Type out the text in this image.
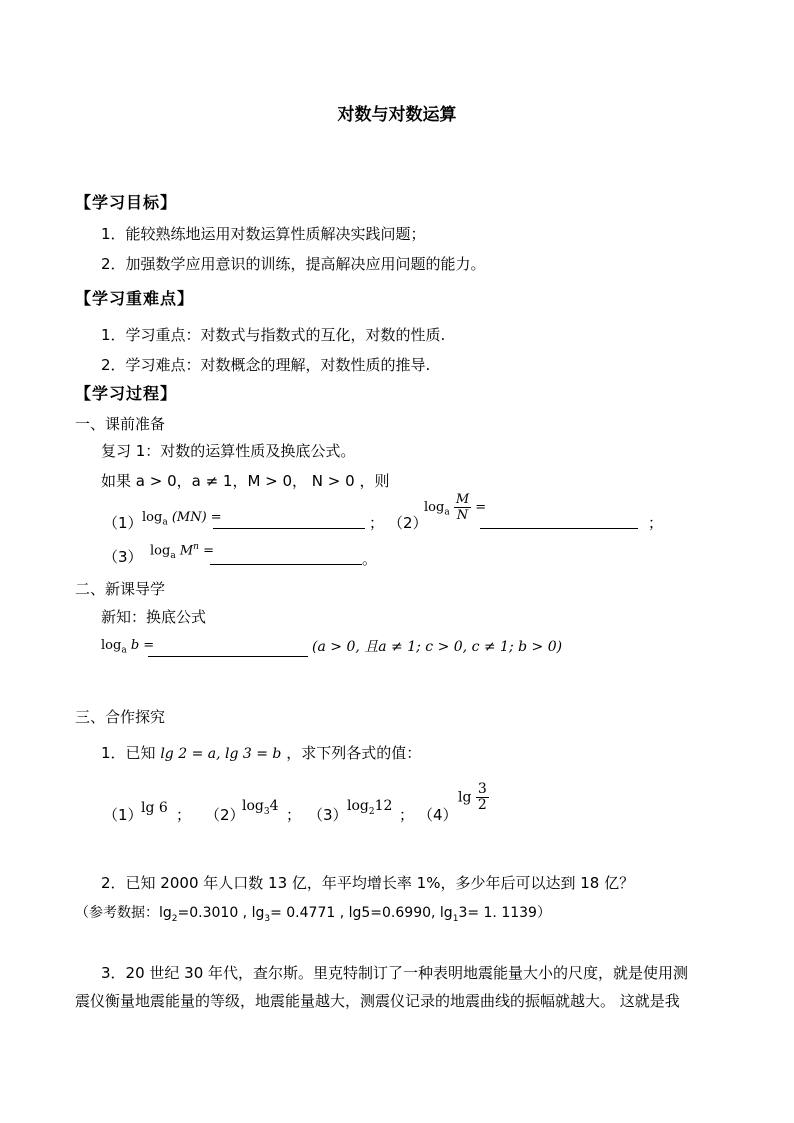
对数与对数运算
【学习目标】
1．能较熟练地运用对数运算性质解决实践问题；
2．加强数学应用意识的训练，提高解决应用问题的能力。
【学习重难点】
1．学习重点：对数式与指数式的互化，对数的性质.
2．学习难点：对数概念的理解，对数性质的推导.
【学习过程】
一、课前准备
复习 1：对数的运算性质及换底公式。
如果 a > 0，a ≠ 1，M > 0， N > 0 ，则
（1） $\log_a (MN)$ =	； （2）
$\log_a \frac{M}{N}$ =
；
（3） $\log_a M^n$ =	。
二、新课导学
新知：换底公式
$\log_a b$ =	(a > 0, 且a ≠ 1; c > 0, c ≠ 1; b > 0)
三、合作探究
1．已知 lg 2 = a, lg 3 = b ，求下列各式的值：
（1）
lg 6 ； （2）
$\log_34$ ； （3） $\log_212$ ； （4）
$\lg \frac{3}{2}$
2．已知 2000 年人口数 13 亿，年平均增长率 1%，多少年后可以达到 18 亿？
（参考数据：$\lg_2=0.3010$ , $\lg_3= 0.4771$ , lg5=0.6990, $\lg_13= 1$. 1139）
3．20 世纪 30 年代，查尔斯。里克特制订了一种表明地震能量大小的尺度，就是使用测
震仪衡量地震能量的等级，地震能量越大，测震仪记录的地震曲线的振幅就越大。 这就是我
